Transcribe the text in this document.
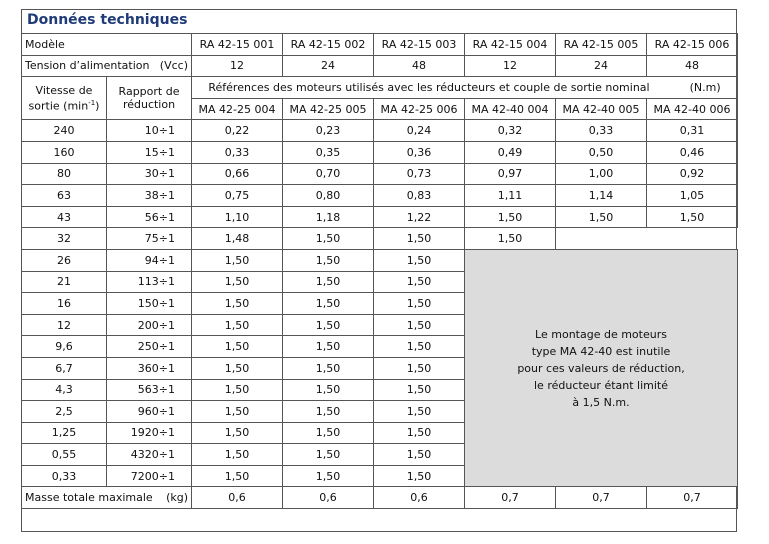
Données techniques
Modèle		RA 42-15 001	RA 42-15 002	RA 42-15 003	RA 42-15 004	RA 42-15 005	RA 42-15 006
Tension d’alimentation (Vcc)		12	24	48	12	24	48
Vitesse de sortie $(\min^{-1})$	Rapport de réduction	Références des moteurs utilisés avec les réducteurs et couple de sortie nominal (N.m)					
		MA 42-25 004	MA 42-25 005	MA 42-25 006	MA 42-40 004	MA 42-40 005	MA 42-40 006
240	10÷1	0,22	0,23	0,24	0,32	0,33	0,31
160	15÷1	0,33	0,35	0,36	0,49	0,50	0,46
80	30÷1	0,66	0,70	0,73	0,97	1,00	0,92
63	38÷1	0,75	0,80	0,83	1,11	1,14	1,05
43	56÷1	1,10	1,18	1,22	1,50	1,50	1,50
32	75÷1	1,48	1,50	1,50	1,50		
26	94÷1	1,50	1,50	1,50	Le montage de moteurs
type MA 42-40 est inutile
pour ces valeurs de réduction,
le réducteur étant limité
à 1,5 N.m.		

21	113÷1	1,50	1,50	1,50			
16	150÷1	1,50	1,50	1,50			
12	200÷1	1,50	1,50	1,50			
9,6	250÷1	1,50	1,50	1,50			
6,7	360÷1	1,50	1,50	1,50			
4,3	563÷1	1,50	1,50	1,50			
2,5	960÷1	1,50	1,50	1,50			
1,25	1920÷1	1,50	1,50	1,50			
0,55	4320÷1	1,50	1,50	1,50			
0,33	7200÷1	1,50	1,50	1,50			
Masse totale maximale (kg)		0,6	0,6	0,6	0,7	0,7	0,7
